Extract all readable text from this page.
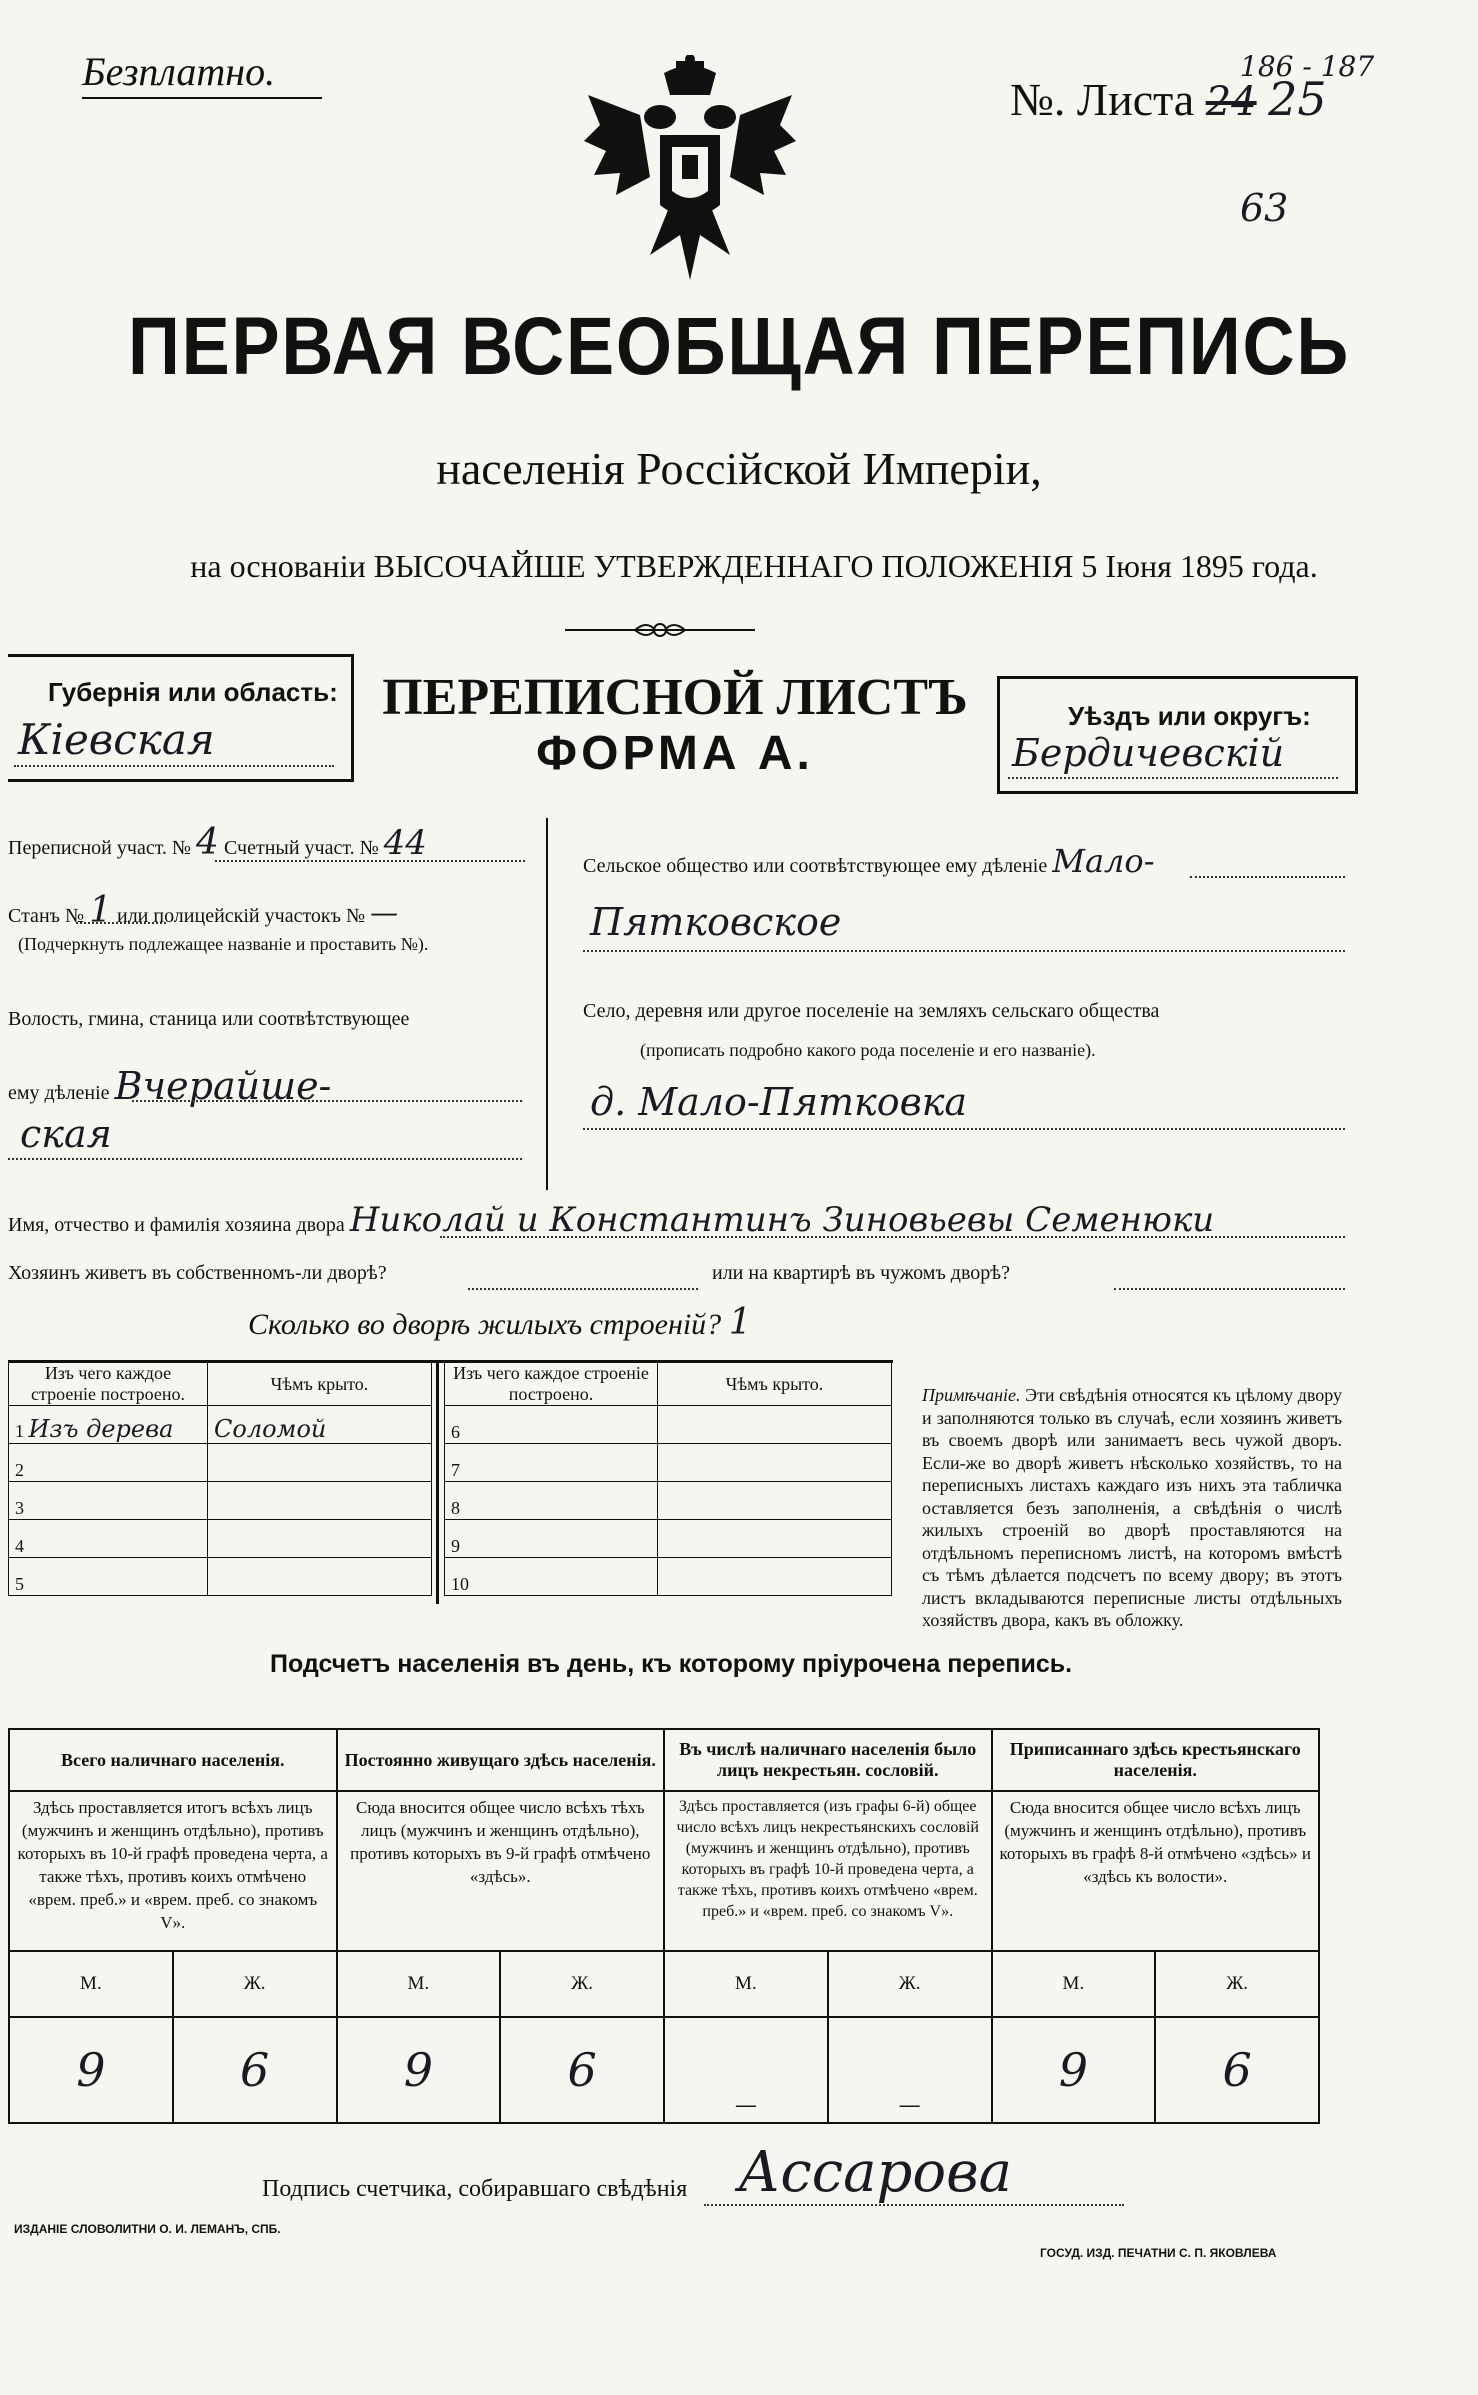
Безплатно.
№. Листа 24 25
186 - 187
63
ПЕРВАЯ ВСЕОБЩАЯ ПЕРЕПИСЬ
населенія Россійской Имперіи,
на основаніи ВЫСОЧАЙШЕ УТВЕРЖДЕННАГО ПОЛОЖЕНІЯ 5 Іюня 1895 года.
Губернія или область:
Кіевская
ПЕРЕПИСНОЙ ЛИСТЪ
ФОРМА А.
Уѣздъ или округъ:
Бердичевскій
Переписной участ. № 4 Счетный участ. № 44
Станъ № 1 или полицейскій участокъ № —
(Подчеркнуть подлежащее названіе и проставить №).
Волость, гмина, станица или соотвѣтствующее
ему дѣленіе Вчерайше-
ская
Сельское общество или соотвѣтствующее ему дѣленіе Мало-
Пятковское
Село, деревня или другое поселеніе на земляхъ сельскаго общества
(прописать подробно какого рода поселеніе и его названіе).
д. Мало-Пятковка
Имя, отчество и фамилія хозяина двора Николай и Константинъ Зиновьевы Семенюки
Хозяинъ живетъ въ собственномъ-ли дворѣ?	или на квартирѣ въ чужомъ дворѣ?
Сколько во дворѣ жилыхъ строеній? 1
Изъ чего каждое строеніе построено.	Чѣмъ крыто.
1 Изъ дерева	Соломой
2	
3	
4	
5	
Изъ чего каждое строеніе построено.	Чѣмъ крыто.
6	
7	
8	
9	
10	
Примѣчаніе. Эти свѣдѣнія относятся къ цѣлому двору и заполняются только въ случаѣ, если хозяинъ живетъ въ своемъ дворѣ или занимаетъ весь чужой дворъ. Если-же во дворѣ живетъ нѣсколько хозяйствъ, то на переписныхъ листахъ каждаго изъ нихъ эта табличка оставляется безъ заполненія, а свѣдѣнія о числѣ жилыхъ строеній во дворѣ проставляются на отдѣльномъ переписномъ листѣ, на которомъ вмѣстѣ съ тѣмъ дѣлается подсчетъ по всему двору; въ этотъ листъ вкладываются переписные листы отдѣльныхъ хозяйствъ двора, какъ въ обложку.
Подсчетъ населенія въ день, къ которому пріурочена перепись.
Всего наличнаго населенія.		Постоянно живущаго здѣсь населенія.		Въ числѣ наличнаго населенія было лицъ некрестьян. сословій.		Приписаннаго здѣсь крестьянскаго населенія.	
Здѣсь проставляется итогъ всѣхъ лицъ (мужчинъ и женщинъ отдѣльно), противъ которыхъ въ 10-й графѣ проведена черта, а также тѣхъ, противъ коихъ отмѣчено «врем. преб.» и «врем. преб. со знакомъ V».		Сюда вносится общее число всѣхъ тѣхъ лицъ (мужчинъ и женщинъ отдѣльно), противъ которыхъ въ 9-й графѣ отмѣчено «здѣсь».		Здѣсь проставляется (изъ графы 6-й) общее число всѣхъ лицъ некрестьянскихъ сословій (мужчинъ и женщинъ отдѣльно), противъ которыхъ въ графѣ 10-й проведена черта, а также тѣхъ, противъ коихъ отмѣчено «врем. преб.» и «врем. преб. со знакомъ V».		Сюда вносится общее число всѣхъ лицъ (мужчинъ и женщинъ отдѣльно), противъ которыхъ въ графѣ 8-й отмѣчено «здѣсь» и «здѣсь къ волости».	
М.	Ж.	М.	Ж.	М.	Ж.	М.	Ж.
9	6	9	6	—	—	9	6
Подпись счетчика, собиравшаго свѣдѣнія Ассарова
ИЗДАНІЕ СЛОВОЛИТНИ О. И. ЛЕМАНЪ, СПБ.
ГОСУД. ИЗД. ПЕЧАТНИ С. П. ЯКОВЛЕВА
